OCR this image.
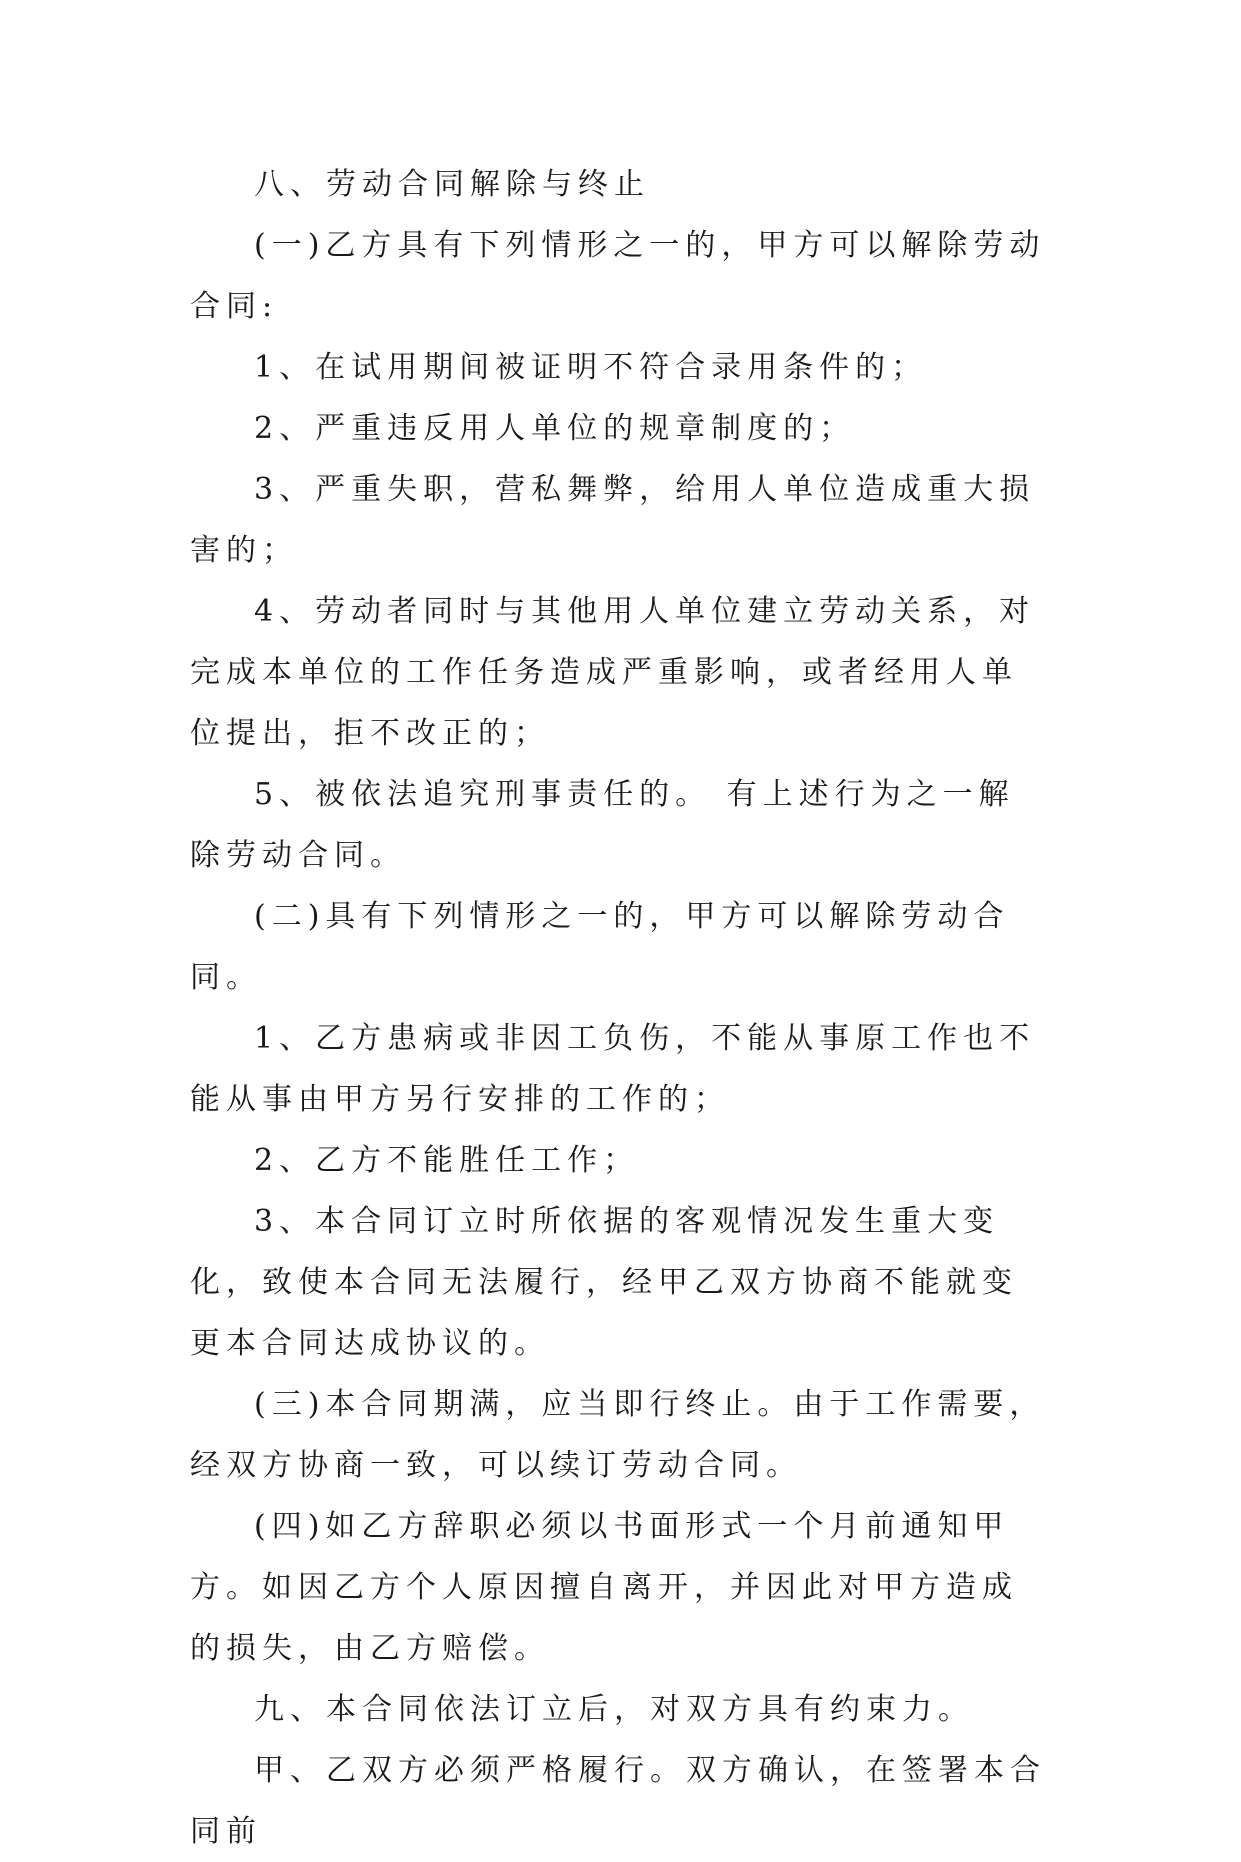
八、劳动合同解除与终止

(一)乙方具有下列情形之一的，甲方可以解除劳动合同:

1、在试用期间被证明不符合录用条件的；

2、严重违反用人单位的规章制度的；

3、严重失职，营私舞弊，给用人单位造成重大损害的；

4、劳动者同时与其他用人单位建立劳动关系，对完成本单位的工作任务造成严重影响，或者经用人单位提出，拒不改正的；

5、被依法追究刑事责任的。 有上述行为之一解除劳动合同。

(二)具有下列情形之一的，甲方可以解除劳动合同。

1、乙方患病或非因工负伤，不能从事原工作也不能从事由甲方另行安排的工作的；

2、乙方不能胜任工作；

3、本合同订立时所依据的客观情况发生重大变化，致使本合同无法履行，经甲乙双方协商不能就变更本合同达成协议的。

(三)本合同期满，应当即行终止。由于工作需要，经双方协商一致，可以续订劳动合同。

(四)如乙方辞职必须以书面形式一个月前通知甲方。如因乙方个人原因擅自离开，并因此对甲方造成的损失，由乙方赔偿。

九、本合同依法订立后，对双方具有约束力。

甲、乙双方必须严格履行。双方确认，在签署本合同前
